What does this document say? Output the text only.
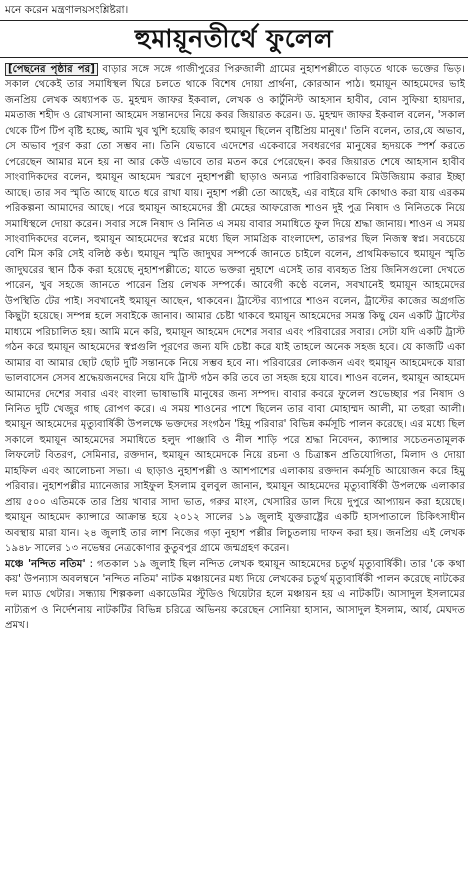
মনে করেন মন্ত্রণালয়সংশ্লিষ্টরা।
হুমায়ূনতীর্থে ফুলেল

[পেছনের পৃষ্ঠার পর] বাড়ার সঙ্গে সঙ্গে গাজীপুরের পিরুজালী গ্রামের নুহাশপল্লীতে বাড়তে থাকে ভক্তের ভিড়। সকাল থেকেই তার সমাধিস্থল ঘিরে চলতে থাকে বিশেষ দোয়া প্রার্থনা, কোরআন পাঠ। হুমায়ূন আহমেদের ভাই জনপ্রিয় লেখক অধ্যাপক ড. মুহম্মদ জাফর ইকবাল, লেখক ও কার্টুনিস্ট আহসান হাবীব, বোন সুফিয়া হায়দার, মমতাজ শহীদ ও রোখসানা আহমেদ সন্তানদের নিয়ে কবর জিয়ারত করেন। ড. মুহম্মদ জাফর ইকবাল বলেন, 'সকাল থেকে টিপ টিপ বৃষ্টি হচ্ছে, আমি খুব খুশি হয়েছি কারণ হুমায়ূন ছিলেন বৃষ্টিপ্রিয় মানুষ।' তিনি বলেন, তার,যে অভাব, সে অভাব পূরণ করা তো সম্ভব না। তিনি যেভাবে এদেশের একেবারে সবধরণের মানুষের হৃদয়কে স্পর্শ করতে পেরেছেন আমার মনে হয় না আর কেউ এভাবে তার মতন করে পেরেছেন। কবর জিয়ারত শেষে আহসান হাবীব সাংবাদিকদের বলেন, হুমায়ূন আহমেদ স্মরণে নুহাশপল্লী ছাড়াও অন্যত্র পারিবারিকভাবে মিউজিয়াম করার ইচ্ছা আছে। তার সব স্মৃতি আছে যাতে ধরে রাখা যায়। নুহাশ পল্লী তো আছেই, এর বাইরে যদি কোথাও করা যায় এরকম পরিকল্পনা আমাদের আছে। পরে হুমায়ূন আহমেদের স্ত্রী মেহের আফরোজ শাওন দুই পুত্র নিষাদ ও নিনিতকে নিয়ে সমাধিস্থলে দোয়া করেন। সবার সঙ্গে নিষাদ ও নিনিত এ সময় বাবার সমাধিতে ফুল দিয়ে শ্রদ্ধা জানায়। শাওন এ সময় সাংবাদিকদের বলেন, হুমায়ূন আহমেদের স্বপ্নের মধ্যে ছিল সামগ্রিক বাংলাদেশ, তারপর ছিল নিজস্ব স্বপ্ন। সবচেয়ে বেশি মিস করি সেই বলিষ্ঠ কণ্ঠ। হুমায়ূন স্মৃতি জাদুঘর সম্পর্কে জানতে চাইলে বলেন, প্রাথমিকভাবে হুমায়ূন স্মৃতি জাদুঘরের স্থান ঠিক করা হয়েছে নুহাশপল্লীতে; যাতে ভক্তরা নুহাশে এসেই তার ব্যবহৃত প্রিয় জিনিসগুলো দেখতে পারেন, খুব সহজে জানতে পারেন প্রিয় লেখক সম্পর্কে। আবেগী কণ্ঠে বলেন, সবখানেই হুমায়ূন আহমেদের উপস্থিতি টের পাই। সবখানেই হুমায়ূন আছেন, থাকবেন। ট্রাস্টের ব্যাপারে শাওন বলেন, ট্রাস্টের কাজের অগ্রগতি কিছুটা হয়েছে। সম্পন্ন হলে সবাইকে জানাব। আমার চেষ্টা থাকবে হুমায়ূন আহমেদের সমস্ত কিছু যেন একটি ট্রাস্টের মাধ্যমে পরিচালিত হয়। আমি মনে করি, হুমায়ূন আহমেদ দেশের সবার এবং পরিবারের সবার। সেটা যদি একটি ট্রাস্ট গঠন করে হুমায়ূন আহমেদের স্বপ্নগুলি পূরণের জন্য যদি চেষ্টা করে যাই তাহলে অনেক সহজ হবে। যে কাজটি একা আমার বা আমার ছোট ছোট দুটি সন্তানকে নিয়ে সম্ভব হবে না। পরিবারের লোকজন এবং হুমায়ূন আহমেদকে যারা ভালবাসেন সেসব শ্রদ্ধেয়জনদের নিয়ে যদি ট্রাস্ট গঠন করি তবে তা সহজ হয়ে যাবে। শাওন বলেন, হুমায়ূন আহমেদ আমাদের দেশের সবার এবং বাংলা ভাষাভাষি মানুষের জন্য সম্পদ। বাবার কবরে ফুলেল শুভেচ্ছার পর নিষাদ ও নিনিত দুটি খেজুর গাছ রোপণ করে। এ সময় শাওনের পাশে ছিলেন তার বাবা মোহাম্মদ আলী, মা তহুরা আলী। হুমায়ূন আহমেদের মৃত্যুবার্ষিকী উপলক্ষে ভক্তদের সংগঠন 'হিমু পরিবার' বিভিন্ন কর্মসূচি পালন করেছে। এর মধ্যে ছিল সকালে হুমায়ূন আহমেদের সমাধিতে হলুদ পাঞ্জাবি ও নীল শাড়ি পরে শ্রদ্ধা নিবেদন, ক্যান্সার সচেতনতামূলক লিফলেট বিতরণ, সেমিনার, রক্তদান, হুমায়ূন আহমেদকে নিয়ে রচনা ও চিত্রাঙ্কন প্রতিযোগিতা, মিলাদ ও দোয়া মাহফিল এবং আলোচনা সভা। এ ছাড়াও নুহাশপল্লী ও আশপাশের এলাকায় রক্তদান কর্মসূচি আয়োজন করে হিমু পরিবার। নুহাশপল্লীর ম্যানেজার সাইফুল ইসলাম বুলবুল জানান, হুমায়ূন আহমেদের মৃত্যুবার্ষিকী উপলক্ষে এলাকার প্রায় ৫০০ এতিমকে তার প্রিয় খাবার সাদা ভাত, গরুর মাংস, খেসারির ডাল দিয়ে দুপুরে আপ্যায়ন করা হয়েছে। হুমায়ূন আহমেদ ক্যান্সারে আক্রান্ত হয়ে ২০১২ সালের ১৯ জুলাই যুক্তরাষ্ট্রের একটি হাসপাতালে চিকিৎসাধীন অবস্থায় মারা যান। ২৪ জুলাই তার লাশ নিজের গড়া নুহাশ পল্লীর লিচুতলায় দাফন করা হয়। জনপ্রিয় এই লেখক ১৯৪৮ সালের ১৩ নভেম্বর নেত্রকোণার কুতুবপুর গ্রামে জন্মগ্রহণ করেন।

মঞ্চে 'নন্দিত নতিম' : গতকাল ১৯ জুলাই ছিল নন্দিত লেখক হুমায়ূন আহমেদের চতুর্থ মৃত্যুবার্ষিকী। তার 'কে কথা কয়' উপন্যাস অবলম্বনে 'নন্দিত নতিম' নাটক মঞ্চায়নের মধ্য দিয়ে লেখকের চতুর্থ মৃত্যুবার্ষিকী পালন করেছে নাটকের দল ম্যাড থেটার। সন্ধ্যায় শিল্পকলা একাডেমির স্টুডিও থিয়েটার হলে মঞ্চায়ন হয় এ নাটকটি। আসাদুল ইসলামের নাট্যরূপ ও নির্দেশনায় নাটকটির বিভিন্ন চরিত্রে অভিনয় করেছেন সোনিয়া হাসান, আসাদুল ইসলাম, আর্য, মেঘদত প্রমখ।
